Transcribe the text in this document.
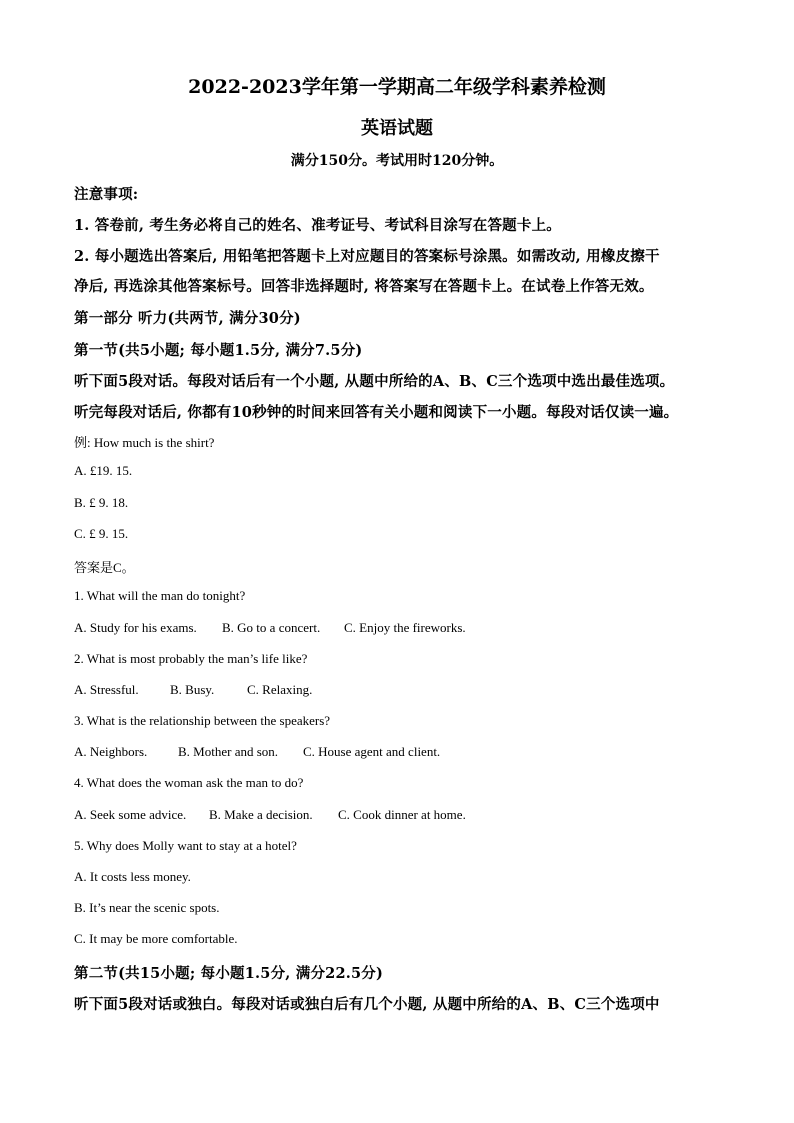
2022-2023学年第一学期高二年级学科素养检测
英语试题
满分150分。考试用时120分钟。
注意事项:
1. 答卷前, 考生务必将自己的姓名、准考证号、考试科目涂写在答题卡上。
2. 每小题选出答案后, 用铅笔把答题卡上对应题目的答案标号涂黑。如需改动, 用橡皮擦干
净后, 再选涂其他答案标号。回答非选择题时, 将答案写在答题卡上。在试卷上作答无效。
第一部分 听力(共两节, 满分30分)
第一节(共5小题; 每小题1.5分, 满分7.5分)
听下面5段对话。每段对话后有一个小题, 从题中所给的A、B、C三个选项中选出最佳选项。
听完每段对话后, 你都有10秒钟的时间来回答有关小题和阅读下一小题。每段对话仅读一遍。
例: How much is the shirt?
A. £19. 15.
B. £ 9. 18.
C. £ 9. 15.
答案是C。
1. What will the man do tonight?
A. Study for his exams. B. Go to a concert. C. Enjoy the fireworks.
2. What is most probably the man’s life like?
A. Stressful. B. Busy.	C. Relaxing.
3. What is the relationship between the speakers?
A. Neighbors. B. Mother and son. C. House agent and client.
4. What does the woman ask the man to do?
A. Seek some advice. B. Make a decision. C. Cook dinner at home.
5. Why does Molly want to stay at a hotel?
A. It costs less money.
B. It’s near the scenic spots.
C. It may be more comfortable.
第二节(共15小题; 每小题1.5分, 满分22.5分)
听下面5段对话或独白。每段对话或独白后有几个小题, 从题中所给的A、B、C三个选项中
